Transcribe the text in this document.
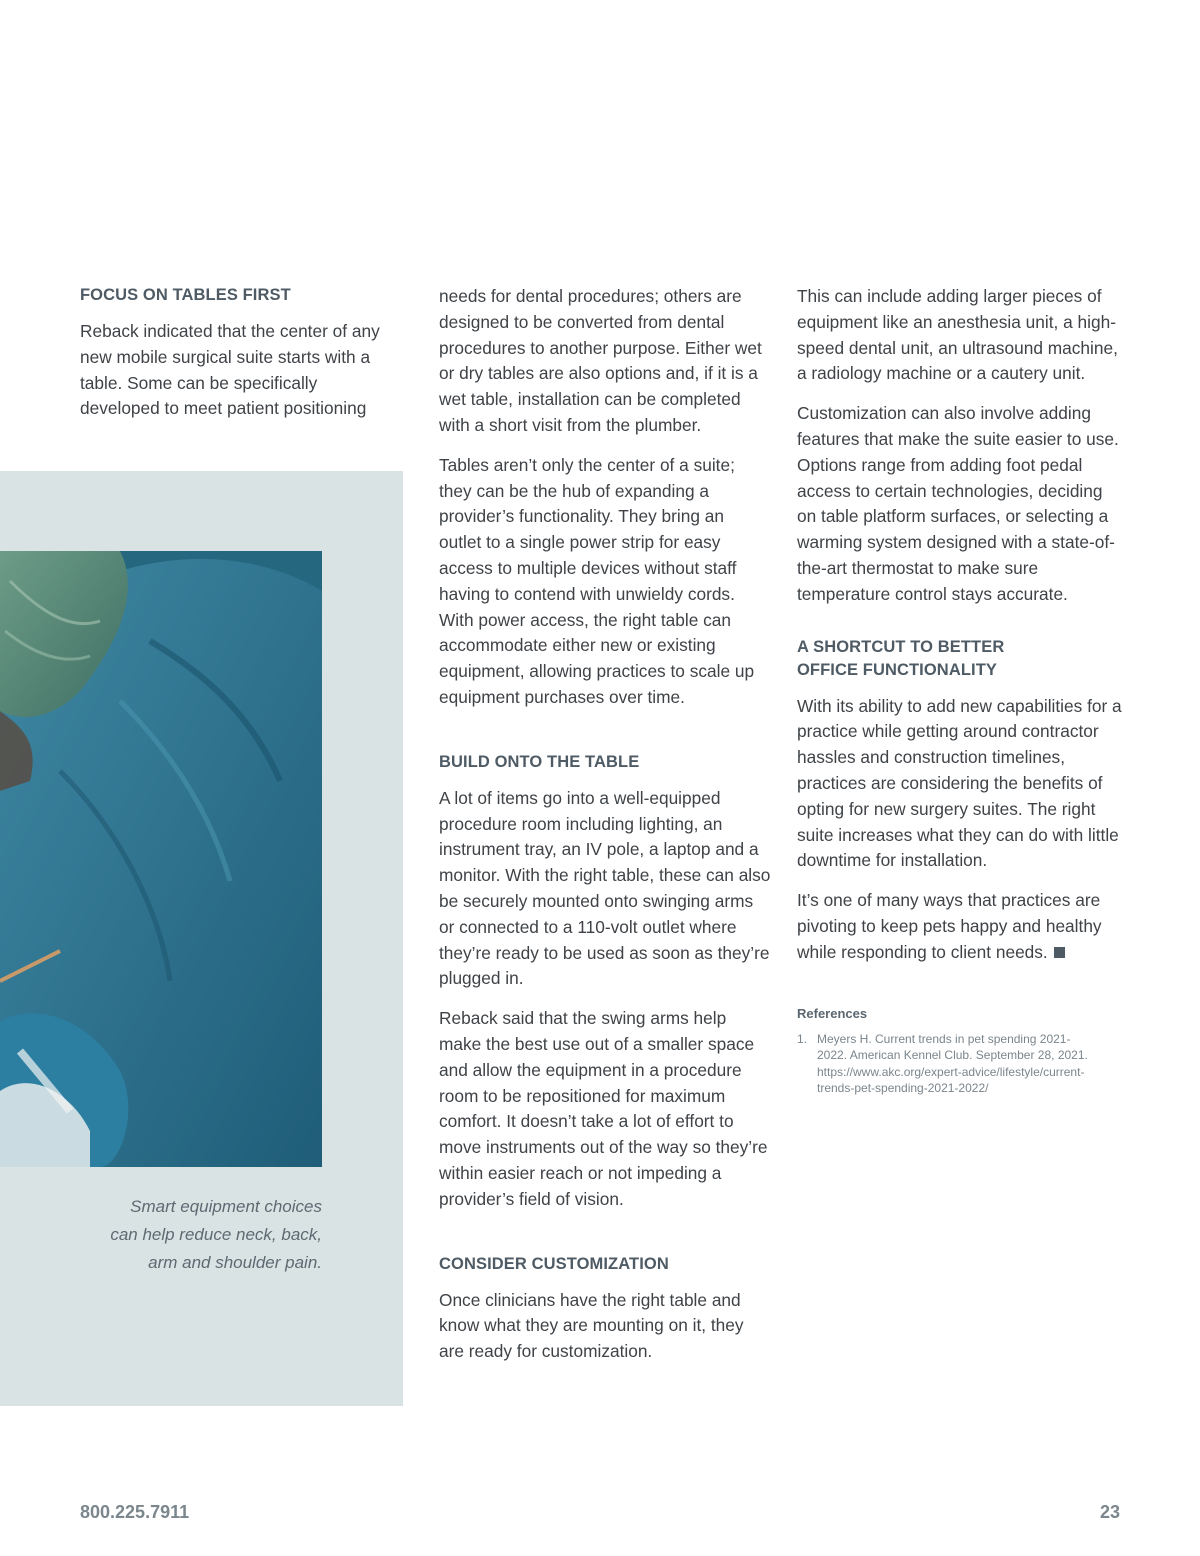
Smart equipment choices can help reduce neck, back, arm and shoulder pain.
FOCUS ON TABLES FIRST

Reback indicated that the center of any new mobile surgical suite starts with a table. Some can be specifically developed to meet patient positioning

needs for dental procedures; others are designed to be converted from dental procedures to another purpose. Either wet or dry tables are also options and, if it is a wet table, installation can be completed with a short visit from the plumber.

Tables aren’t only the center of a suite; they can be the hub of expanding a provider’s functionality. They bring an outlet to a single power strip for easy access to multiple devices without staff having to contend with unwieldy cords. With power access, the right table can accommodate either new or existing equipment, allowing practices to scale up equipment purchases over time.

BUILD ONTO THE TABLE

A lot of items go into a well-equipped procedure room including lighting, an instrument tray, an IV pole, a laptop and a monitor. With the right table, these can also be securely mounted onto swinging arms or connected to a 110-volt outlet where they’re ready to be used as soon as they’re plugged in.

Reback said that the swing arms help make the best use out of a smaller space and allow the equipment in a procedure room to be repositioned for maximum comfort. It doesn’t take a lot of effort to move instruments out of the way so they’re within easier reach or not impeding a provider’s field of vision.

CONSIDER CUSTOMIZATION

Once clinicians have the right table and know what they are mounting on it, they are ready for customization.

This can include adding larger pieces of equipment like an anesthesia unit, a high-speed dental unit, an ultrasound machine, a radiology machine or a cautery unit.

Customization can also involve adding features that make the suite easier to use. Options range from adding foot pedal access to certain technologies, deciding on table platform surfaces, or selecting a warming system designed with a state-of-the-art thermostat to make sure temperature control stays accurate.

A SHORTCUT TO BETTER
OFFICE FUNCTIONALITY

With its ability to add new capabilities for a practice while getting around contractor hassles and construction timelines, practices are considering the benefits of opting for new surgery suites. The right suite increases what they can do with little downtime for installation.

It’s one of many ways that practices are pivoting to keep pets happy and healthy while responding to client needs.

References
1. Meyers H. Current trends in pet spending 2021-2022. American Kennel Club. September 28, 2021. https://www.akc.org/expert-advice/lifestyle/current-trends-pet-spending-2021-2022/
800.225.7911	23
